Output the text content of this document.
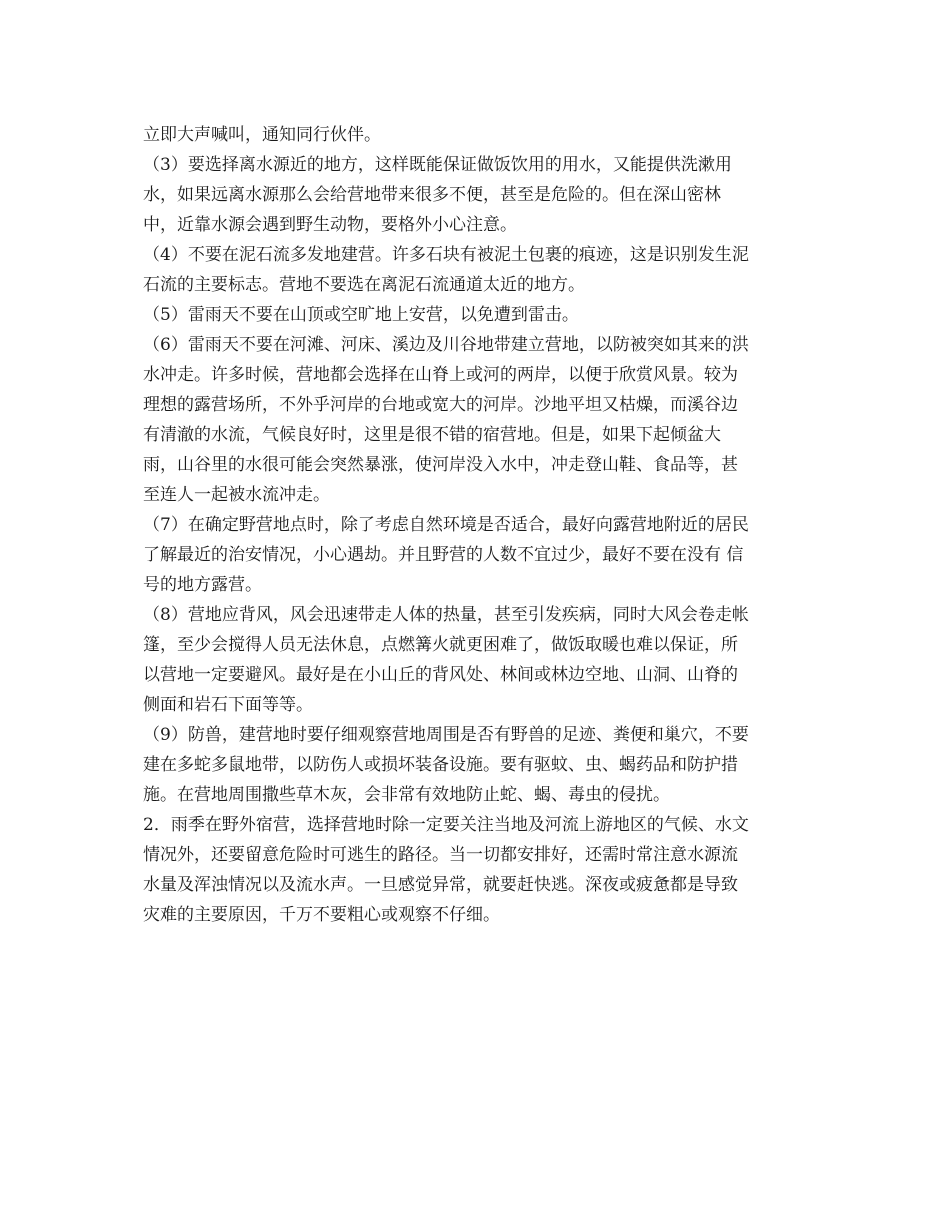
立即大声喊叫，通知同行伙伴。
（3）要选择离水源近的地方，这样既能保证做饭饮用的用水，又能提供洗漱用
水，如果远离水源那么会给营地带来很多不便，甚至是危险的。但在深山密林
中，近靠水源会遇到野生动物，要格外小心注意。
（4）不要在泥石流多发地建营。许多石块有被泥土包裹的痕迹，这是识别发生泥
石流的主要标志。营地不要选在离泥石流通道太近的地方。
（5）雷雨天不要在山顶或空旷地上安营，以免遭到雷击。
（6）雷雨天不要在河滩、河床、溪边及川谷地带建立营地，以防被突如其来的洪
水冲走。许多时候，营地都会选择在山脊上或河的两岸，以便于欣赏风景。较为
理想的露营场所，不外乎河岸的台地或宽大的河岸。沙地平坦又枯燥，而溪谷边
有清澈的水流，气候良好时，这里是很不错的宿营地。但是，如果下起倾盆大
雨，山谷里的水很可能会突然暴涨，使河岸没入水中，冲走登山鞋、食品等，甚
至连人一起被水流冲走。
（7）在确定野营地点时，除了考虑自然环境是否适合，最好向露营地附近的居民
了解最近的治安情况，小心遇劫。并且野营的人数不宜过少，最好不要在没有 信
号的地方露营。
（8）营地应背风，风会迅速带走人体的热量，甚至引发疾病，同时大风会卷走帐
篷，至少会搅得人员无法休息，点燃篝火就更困难了，做饭取暖也难以保证，所
以营地一定要避风。最好是在小山丘的背风处、林间或林边空地、山洞、山脊的
侧面和岩石下面等等。
（9）防兽，建营地时要仔细观察营地周围是否有野兽的足迹、粪便和巢穴，不要
建在多蛇多鼠地带，以防伤人或损坏装备设施。要有驱蚊、虫、蝎药品和防护措
施。在营地周围撒些草木灰，会非常有效地防止蛇、蝎、毒虫的侵扰。
2．雨季在野外宿营，选择营地时除一定要关注当地及河流上游地区的气候、水文
情况外，还要留意危险时可逃生的路径。当一切都安排好，还需时常注意水源流
水量及浑浊情况以及流水声。一旦感觉异常，就要赶快逃。深夜或疲惫都是导致
灾难的主要原因，千万不要粗心或观察不仔细。
